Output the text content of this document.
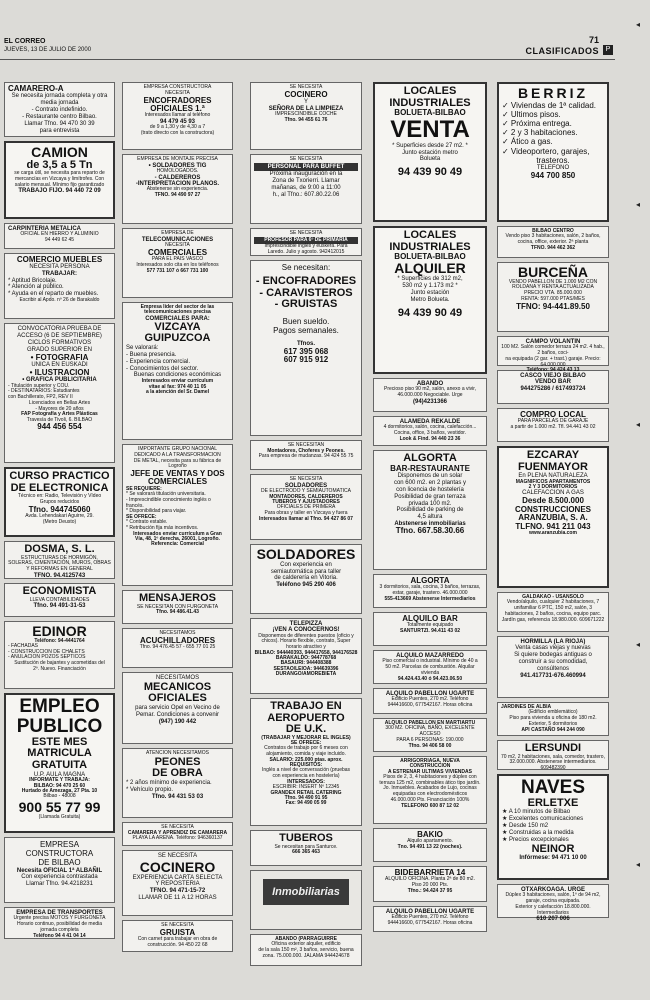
EL CORREO
JUEVES, 13 DE JULIO DE 2000
71
CLASIFICADOS P
CAMARERO-A
Se necesita jornada completa y otra
media jornada
- Contrato indefinido.
- Restaurante centro Bilbao.
Llamar Tfno. 94 470 30 39
para entrevista
CAMION
de 3,5 a 5 Tn
se carga útil, se necesita para reparto de
mercancías en Vizcaya y limítrofes. Con
salario mensual. Mínimo fijo garantizado
TRABAJO FIJO. 94 440 72 09
CARPINTERIA METALICA
OFICIAL EN HIERRO Y ALUMINIO
94 449 62 45
COMERCIO MUEBLES
NECESITA PERSONA
TRABAJAR:
* Aptitud Bricolaje.
* Atención al público.
* Ayuda en el reparto de muebles.
Escribir al Apdo. nº 26 de Barakaldo
CONVOCATORIA PRUEBA DE
ACCESO (6 DE SEPTIEMBRE)
CICLOS FORMATIVOS
GRADO SUPERIOR EN
• FOTOGRAFIA
UNICA EN EUSKADI
• ILUSTRACION
• GRAFICA PUBLICITARIA
- Titulación superior y COU.
- DESTINATARIOS: Estudiantes
con Bachillerato, FP2, REV II
Licenciados en Bellas Artes
- Mayores de 20 años
FAP Fotografía y Artes Plásticas
Travesía de Tivoli, 6. BILBAO
944 456 554
CURSO PRACTICO
DE ELECTRONICA
Técnico en: Radio, Televisión y Vídeo
Grupos reducidos
Tfno. 944745060
Avda. Lehendakari Aguirre, 29.
(Metro Deusto)
DOSMA, S. L.
ESTRUCTURAS DE HORMIGÓN, SOLERAS, CIMENTACIÓN, MUROS, OBRAS Y REFORMAS EN GENERAL
TFNO. 94.4125743
ECONOMISTA
LLEVA CONTABILIDADES
Tfno. 94 491-31-53
EDINOR
Teléfono: 94-4441764
- FACHADAS
- CONSTRUCCION DE CHALETS
- ANULACION POZOS SEPTICOS
Sustitución de bajantes y acometidas del
2º. Nuevo. Financiación
EMPLEO
PUBLICO
ESTE MES
MATRICULA
GRATUITA
U.P. AULA MAGNA
INFORMATE Y TRABAJA:
BILBAO: 94 470 25 60
Hurtado de Amezaga, 27 Pta. 10
Bilbao - 48008
900 55 77 99
(Llamada Gratuita)
EMPRESA CONSTRUCTORA
DE BILBAO
Necesita OFICIAL 1ª ALBAÑIL
Con experiencia contrastada
Llamar Tfno. 94.4218231
EMPRESA DE TRANSPORTES
Urgente precisa MOTOS Y FURGONETA
Horario continuo, posibilidad de media jornada completa
Teléfono 94 4 41 04 14
EMPRESA CONSTRUCTORA
NECESITA
ENCOFRADORES
OFICIALES 1.ª
Interesados llamar al teléfono
94 479 45 93
de 9 a 1,30 y de 4,30 a 7
(trato directo con la constructora)
EMPRESA DE MONTAJE PRECISA
• SOLDADORES TIG
HOMOLOGADOS.
- CALDEREROS
-INTERPRETACION PLANOS.
Abstenerse sin experiencia.
TFNO. 94 490 97 27
EMPRESA DE
TELECOMUNICACIONES
NECESITA
COMERCIALES
PARA EL PAIS VASCO
Interesados solo cita en los teléfonos
577 731 107 ó 667 731 100
Empresa líder del sector de las
telecomunicaciones precisa
COMERCIALES PARA:
VIZCAYA
GUIPUZCOA
Se valorará:
- Buena presencia.
- Experiencia comercial.
- Conocimientos del sector.
Buenas condiciones económicas
Interesados enviar currículum
vitae al fax: 974 40 11 05
a la atención del Sr. Damel
IMPORTANTE GRUPO NACIONAL
DEDICADO A LA TRANSFORMACION
DE METAL, necesita para su fábrica de
Logroño
JEFE DE VENTAS Y DOS
COMERCIALES
SE REQUIERE:
* Se valorará titulación universitaria.
- Imprescindible conocimiento inglés o
francés.
* Disponibilidad para viajar.
SE OFRECE:
* Contrato estable.
* Retribución fija más incentivos.
Interesados enviar currículum a Gran
Vía, 48, 1º derecha, 26001, Logroño.
Referencia: Comercial
MENSAJEROS
SE NECESITAN CON FURGONETA
Tfno. 94 486.41.43
NECESITAMOS
ACUCHILLADORES
Tfno. 94 476.45 57 - 655 77 01 25
NECESITAMOS
MECANICOS
OFICIALES
para servicio Opel en Vecino de
Pemar. Condiciones a convenir
(947) 190 442
ATENCION NECESITAMOS
PEONES
DE OBRA
* 2 años mínimo de experiencia.
* Vehículo propio.
Tfno. 94 431 53 03
SE NECESITA
CAMARERA Y APRENDIZ DE CAMARERA
PLAYA LA ARENA. Teléfono: 946360137
SE NECESITA
COCINERO
EXPERIENCIA CARTA SELECTA
Y REPOSTERIA
TFNO. 94 471-15-72
LLAMAR DE 11 A 12 HORAS
SE NECESITA
GRUISTA
Con carnet para trabajar en obra de
construcción. 94 450 22 68
SE NECESITA
COCINERO
Y
SEÑORA DE LA LIMPIEZA
IMPRESCINDIBLE COCHE
Tfno. 94 455 61 76
SE NECESITA
PERSONAL PARA BUFFET
Próxima inauguración en la
Zona de Txorierri. Llamar
mañanas, de 9:00 a 11:00
h., al Tfno.: 607.80.22.06
SE NECESITA
PROFESOR PARA 6º DE PRIMARIA
Imprescindible inglés y euskera. Para
Laredo. Julio y agosto. 942412015
Se necesitan:
- ENCOFRADORES
- CARAVISTEROS
- GRUISTAS
Buen sueldo.
Pagos semanales.
Tfnos.
617 395 068
607 915 912
SE NECESITAN
Montadores, Choferes y Peones.
Para empresa de mudanzas. 94 424 55 75
SE NECESITA
SOLDADORES
DE ELECTRODO Y SEMIAUTOMATICA
MONTADORES, CALDEREROS
TUBEROS Y AJUSTADORES
OFICIALES DE PRIMERA
Para obras y taller en Vizcaya y fuera
Interesados llamar al Tfno. 94 427 86 07
SOLDADORES
Con experiencia en
semiautomática para taller
de calderería en Vitoria.
Teléfono 945 290 406
TELEPIZZA
¡VEN A CONOCERNOS!
Disponemos de diferentes puestos (oficio y chicos). Horario flexible, contrato, Super horario atractivo y
BILBAO: 944440393, 944417658, 944176528
BARAKALDO: 944778768
BASAURI: 944408388
SESTAO/LEIOA: 944639396
DURANGO/AMOREBIETA
TRABAJO EN
AEROPUERTO
DE U.K.
(TRABAJAR Y MEJORAR EL INGLES)
SE OFRECE:
Contratos de trabajo por 6 meses con
alojamiento, comida y viaje incluido.
SALARIO: 225.000 ptas. aprox.
REQUISITOS:
Inglés a nivel de conversación (pruebas
con experiencia en hostelería)
INTERESADOS:
ESCRIBIR: INSERT Nº 12345
GRANDEX RETAIL CATERING
Tfno. 94 490 91 95
Fax: 94 490 05 99
TUBEROS
Se necesitan para Santurce.
666 365 463
Inmobiliarias
ABANDO (PARRAGUIRRE
Oficina exterior alquiler, edificio
de la sala 150 m², 3 baños, servicio, buena
zona. 75.000.000. JALAMA 944424678
LOCALES
INDUSTRIALES
BOLUETA-BILBAO
VENTA
* Superficies desde 27 m2. *
Junto estación metro
Bolueta
94 439 90 49
LOCALES
INDUSTRIALES
BOLUETA-BILBAO
ALQUILER
* Superficies de 312 m2,
530 m2 y 1.173 m2 *
Junto estación
Metro Bolueta.
94 439 90 49
ABANDO
Precioso piso 90 m2, salón, anexo a vivir,
46.000.000 Negociable. Urge
(94)4231366
ALAMEDA REKALDE
4 dormitorios, salón, cocina, calefacción...
Cocina, office, 3 baños, vestidor.
Look & Find. 94 440 23 36
ALGORTA
BAR-RESTAURANTE
Disponemos de un solar
con 600 m2. en 2 plantas y
con licencia de hostelería
Posibilidad de gran terraza
privada 100 m2.
Posibilidad de parking de
4,5 altura
Abstenerse inmobiliarias
Tfno. 667.58.30.66
ALGORTA
3 dormitorios, sala, cocina, 3 baños, terrazas,
estar, garaje, trastero. 46.000.000
555-413669 Abstenerse Intermediarios
ALQUILO BAR
Totalmente equipado
SANTURTZI. 94.411 43 02
ALQUILO MAZARREDO
Piso comercial o industrial. Mínimo de 40 a
50 m2. Parcelas de combustión. Alquilar vivienda
94.424.43.40 ó 94.423.06.50
ALQUILO PABELLON UGARTE
Edificio Puentes, 270 m2. Teléfono
944416600, 677542167. Horas oficina
ALQUILO PABELLON EN MARTIARTU
300 M2. OFICINA, BAÑO, EXCELENTE ACCESO
PARA 6 PERSONAS: 190.000
Tfno. 94 406 58 00
ARRIGORRIAGA, NUEVA
CONSTRUCCION
A ESTRENAR ULTIMAS VIVIENDAS
Pisos de 2, 3, 4 habitaciones y dúplex con
terraza 125 m2, combinables ático tipo jardín.
Jo. Inmuebles. Acabados de Lujo, cocinas
equipadas con electrodomésticos
46.000.000 Pts. Financiación 100%
TELEFONO 600 87 12 02
BAKIO
Alquilo apartamento.
Tno. 94 491 13 22 (noches).
BIDEBARRIETA 14
ALQUILO OFICINA. Planta 2ª de 80 m2.
Piso 20 000 Pts.
Tfno.: 94.424 37 95
ALQUILO PABELLON UGARTE
Edificio Puentes, 270 m2. Teléfono
944416600, 677542167. Horas oficina
BERRIZ
✓ Viviendas de 1ª calidad.
✓ Ultimos pisos.
✓ Próxima entrega.
✓ 2 y 3 habitaciones.
✓ Ático a gas.
✓ Videoportero, garajes,
trasteros.
TELEFONO
944 700 850
BILBAO CENTRO
Vendo piso 3 habitaciones, salón, 2 baños,
cocina, office, exterior. 2ª planta
TFNO. 944 462 362
BURCEÑA
VENDO PABELLON DE 1.000 M2 CON
ROLDANA Y RENTA ACTUALIZADA
PRECIO VTA. 85.000.000
RENTA: 597.000 PTAS/MES
TFNO: 94-441.89.50
CAMPO VOLANTIN
100 M2. Salón comedor terraza 24 m2. 4 hab., 2 baños, coci-
na equipada (2 gar. + trast.) garaje. Precio: 64.000.000
Teléfono: 94 424 43 13
CASCO VIEJO BILBAO
VENDO BAR
944275286 / 617493724
COMPRO LOCAL
PARA PARCELAS DE GARAJE
a partir de 1.000 m2. Tfl. 94.441 43 02
EZCARAY
FUENMAYOR
En PLENA NATURALEZA
MAGNIFICOS APARTAMENTOS
2 Y 3 DORMITORIOS
CALEFACCION A GAS
Desde 8.500.000
CONSTRUCCIONES
ARANZUBIA, S. A.
TLFNO. 941 211 043
www.aranzubia.com
GALDAKAO - USANSOLO
Vendo/alquilo, cualquier 2 habitaciones, 7 unifamiliar 6 PTC, 150 m2, salón, 3 habitaciones, 2 baños, cocina, equipo parc.
Jardín gas, referencia 18.980.000. 609671222
HORMILLA (LA RIOJA)
Venta casas viejas y nuevas
Si quiere bodegas antiguas o
construir a su comodidad,
consúltenos
941.417731-676.460994
JARDINES DE ALBIA
(Edificio emblemático)
Piso para vivienda u oficina de 180 m2.
Exterior, 5 dormitorios
API CASTAÑO 944 244 090
LERSUNDI
70 m2, 2 habitaciones, sala, comedor, trastero,
32.000.000. Abstenerse intermediarios. 609482390
NAVES
ERLETXE
★ A 10 minutos de Bilbao
★ Excelentes comunicaciones
★ Desde 150 m2
★ Construidas a la medida
★ Precios excepcionales
NEINOR
Infórmese: 94 471 10 00
OTXARKOAGA. URGE
Dúplex 3 habitaciones, salón, 1º de 94 m2, garaje, cocina equipada.
Exterior y calefacción 18.800.000. Intermediarios
610 207 006
◂
◂
◂
◂
◂
